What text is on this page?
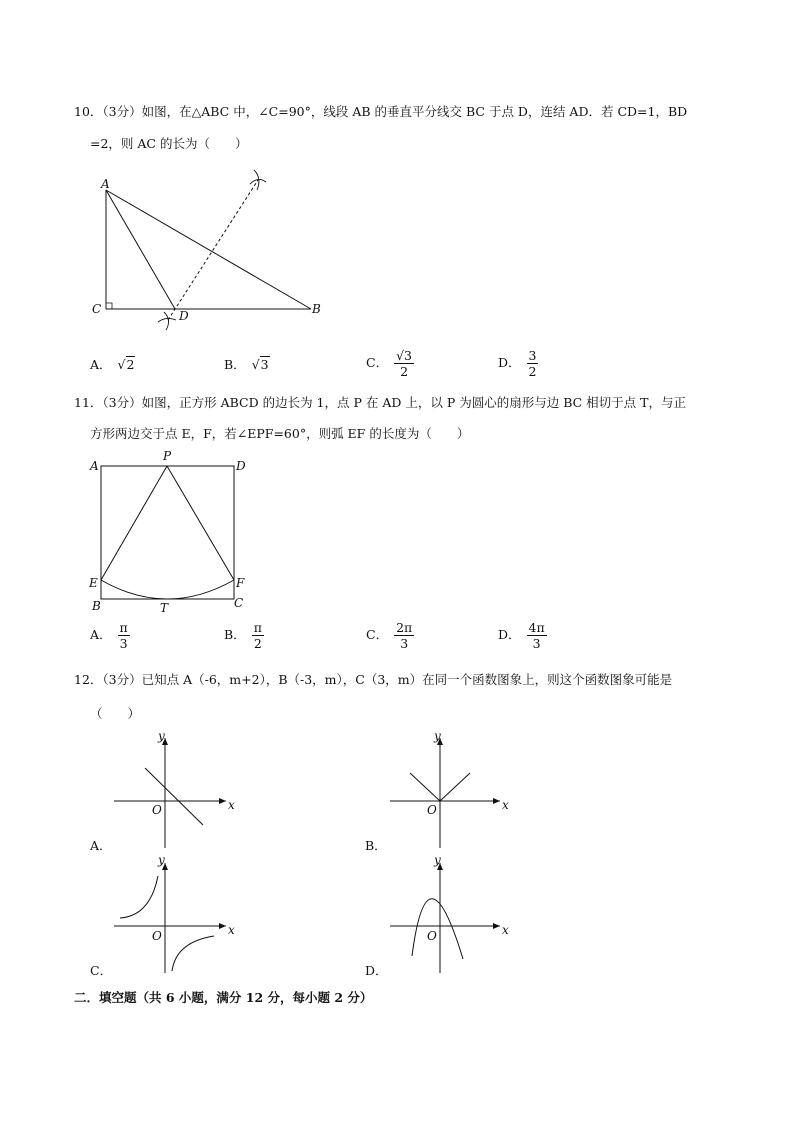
10．（3分）如图，在△ABC 中，∠C=90°，线段 AB 的垂直平分线交 BC 于点 D，连结 AD．若 CD=1，BD
=2，则 AC 的长为（　　）
A
C	D	B
A． √2	B． √3	C． $\frac{√3}{2}$	D． $\frac{3}{2}$
11．（3分）如图，正方形 ABCD 的边长为 1，点 P 在 AD 上，以 P 为圆心的扇形与边 BC 相切于点 T，与正
方形两边交于点 E，F，若∠EPF=60°，则弧 EF 的长度为（　　）
A
P
D
E	F
B	T	C
A． $\frac{\pi}{3}$	B． $\frac{\pi}{2}$	C． $\frac{2\pi}{3}$	D． $\frac{4\pi}{3}$
12．（3分）已知点 A（-6，m+2），B（-3，m），C（3，m）在同一个函数图象上，则这个函数图象可能是
（　　）
x
y
O
A．
x
y
O
B．
x
y
O
C．
x
y
O
D．
二．填空题（共 6 小题，满分 12 分，每小题 2 分）
